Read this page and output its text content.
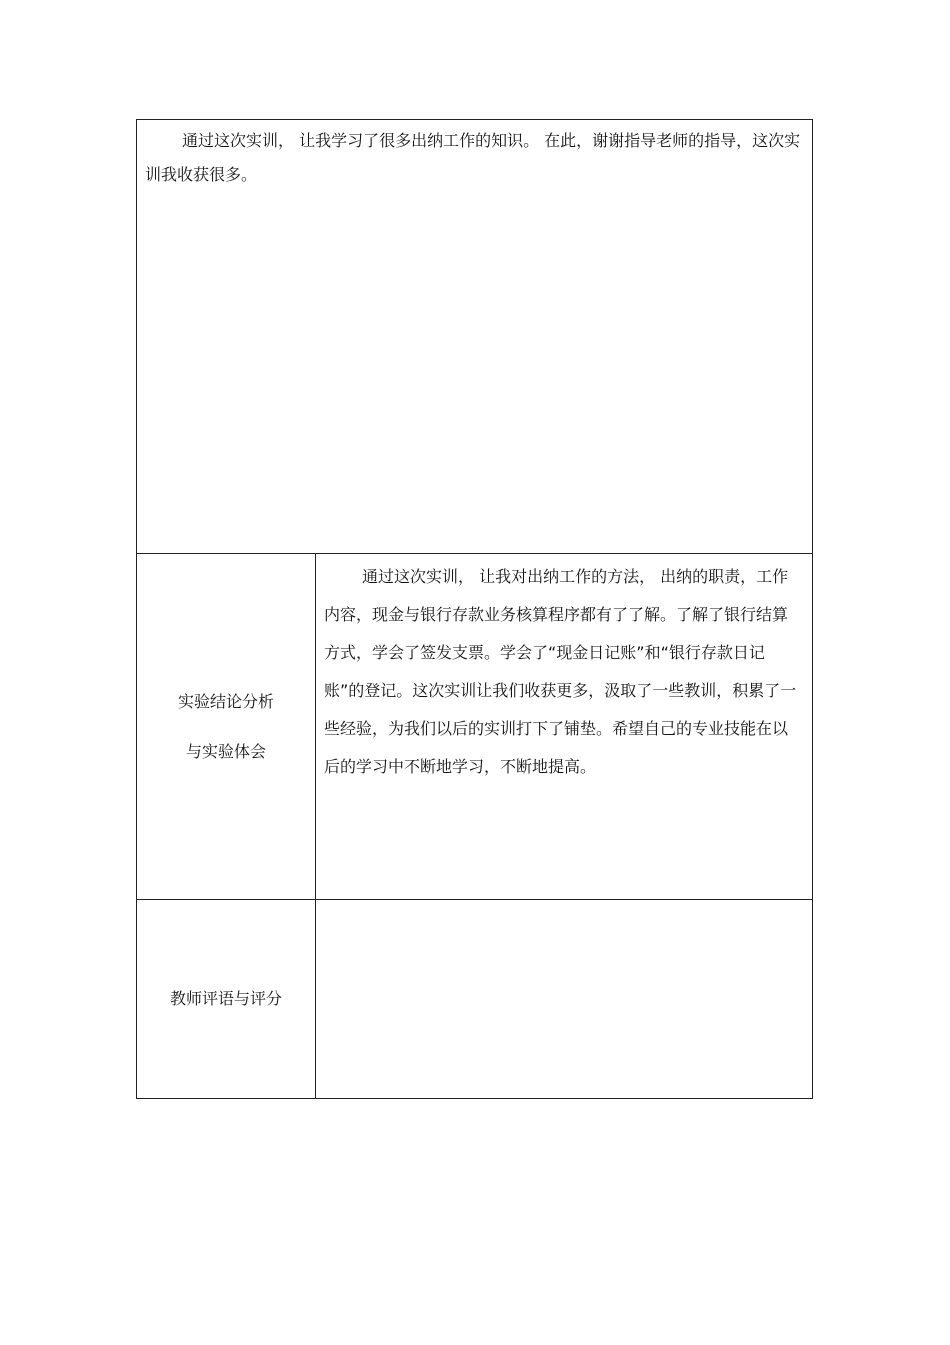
通过这次实训， 让我学习了很多出纳工作的知识。 在此，谢谢指导老师的指导，这次实训我收获很多。

实验结论分析
与实验体会

通过这次实训， 让我对出纳工作的方法， 出纳的职责，工作内容，现金与银行存款业务核算程序都有了了解。了解了银行结算方式，学会了签发支票。学会了“现金日记账”和“银行存款日记账”的登记。这次实训让我们收获更多，汲取了一些教训，积累了一些经验，为我们以后的实训打下了铺垫。希望自己的专业技能在以后的学习中不断地学习，不断地提高。

教师评语与评分
